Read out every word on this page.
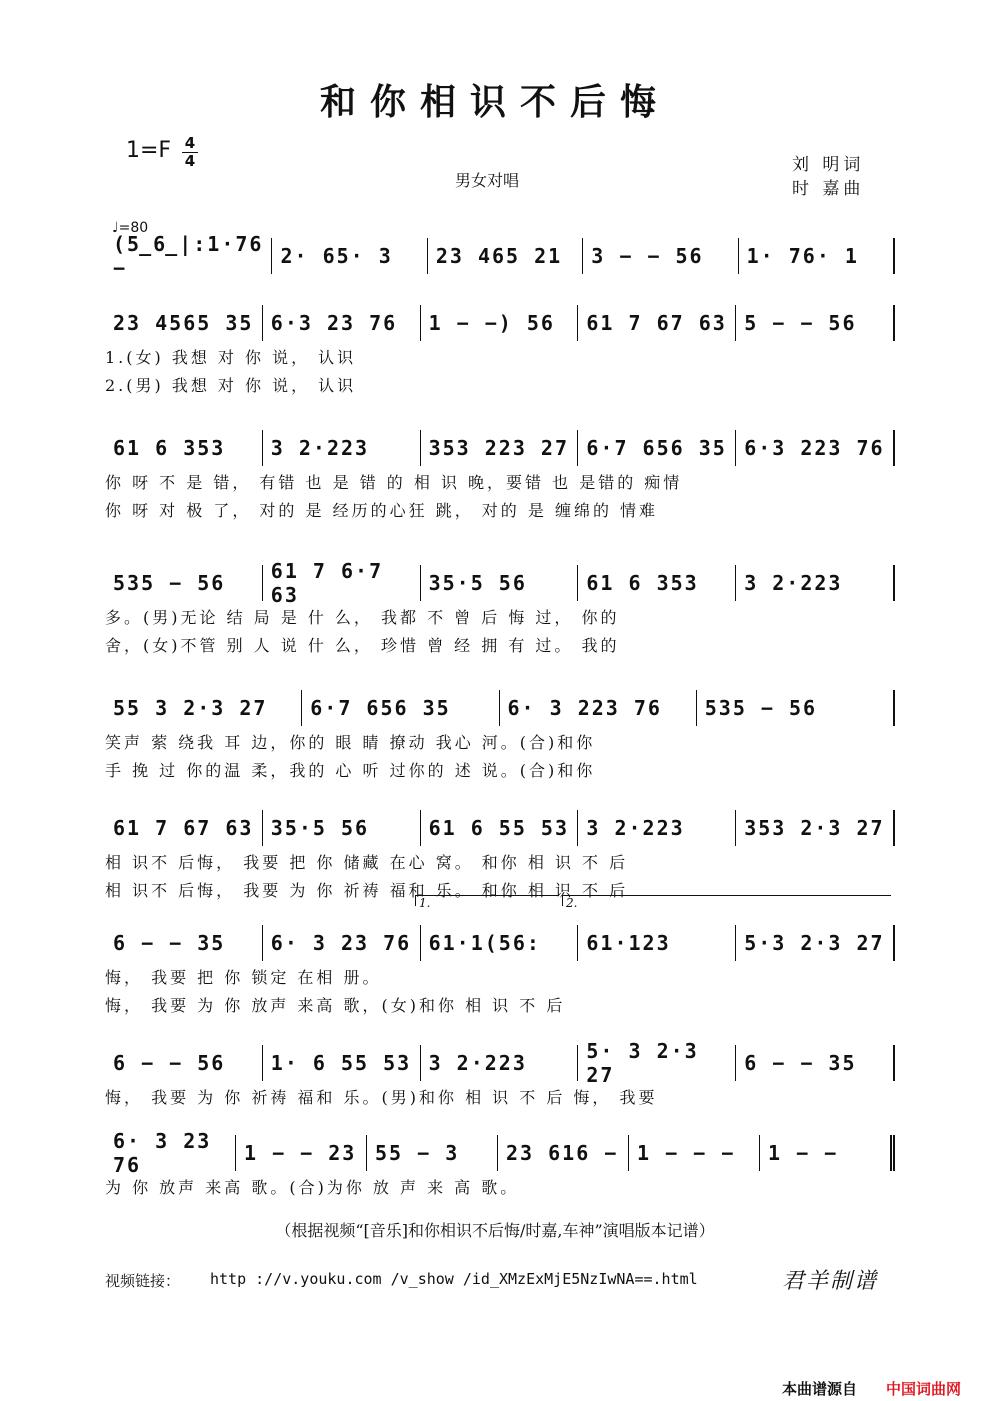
和你相识不后悔
1=F 4
4
男女对唱
刘 明词
时 嘉曲
♩=80
(5̲6̲|:1·76 −	2· 65· 3 23 465 21 3 − − 56 1· 76· 1
23 4565 35 6·3 23 76 1 − −) 56 61 7 67 63 5 − − 56
1.(女) 我想 对 你 说， 认识
2.(男) 我想 对 你 说， 认识
61 6 353 3 2·223	353 223 27 6·7 656 35 6·3 223 76
你 呀 不 是 错， 有错 也 是 错 的 相 识 晚，要错 也 是错的 痴情
你 呀 对 极 了， 对的 是 经历的心狂 跳， 对的 是 缠绵的 情难
535 − 56 61 7 6·7 63	35·5 56	61 6 353 3 2·223
多。(男)无论 结 局 是 什 么， 我都 不 曾 后 悔 过， 你的
舍，(女)不管 别 人 说 什 么， 珍惜 曾 经 拥 有 过。 我的
55 3 2·3 27 6·7 656 35	6· 3 223 76 535 − 56
笑声 萦 绕我 耳 边，你的 眼 睛 撩动 我心 河。(合)和你
手 挽 过 你的温 柔，我的 心 听 过你的 述 说。(合)和你
61 7 67 63 35·5 56	61 6 55 53 3 2·223	353 2·3 27
相 识不 后悔， 我要 把 你 储藏 在心 窝。 和你 相 识 不 后
相 识不 后悔， 我要 为 你 祈祷 福和 乐。 和你 相 识 不 后
6 − − 35 6· 3 23 76 61·1(56: 61·123	5·3 2·3 27
1.	2.
悔， 我要 把 你 锁定 在相 册。
悔， 我要 为 你 放声 来高 歌，(女)和你 相 识 不 后
6 − − 56 1· 6 55 53 3 2·223	5· 3 2·3 27	6 − − 35
悔， 我要 为 你 祈祷 福和 乐。(男)和你 相 识 不 后 悔， 我要
6· 3 23 76	1 − − 23 55 − 3 23 616 − 1 − − − 1 − −
为 你 放声 来高 歌。(合)为你 放 声 来 高 歌。
（根据视频“[音乐]和你相识不后悔/时嘉,车神”演唱版本记谱）
视频链接： http ://v.youku.com /v_show /id_XMzExMjE5NzIwNA==.html	君羊制谱
本曲谱源自 中国词曲网
